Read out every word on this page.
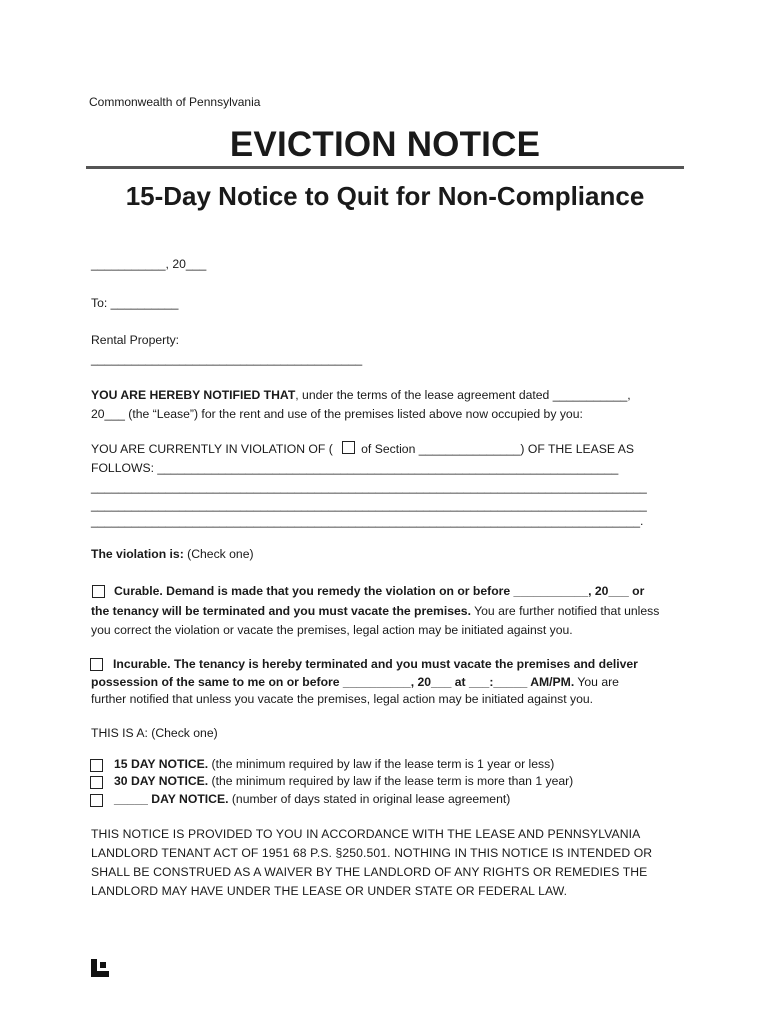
Commonwealth of Pennsylvania
EVICTION NOTICE
15-Day Notice to Quit for Non-Compliance
___________, 20___
To: __________
Rental Property:
________________________________________
YOU ARE HEREBY NOTIFIED THAT, under the terms of the lease agreement dated ___________,
20___ (the “Lease”) for the rent and use of the premises listed above now occupied by you:
YOU ARE CURRENTLY IN VIOLATION OF ( of Section _______________) OF THE LEASE AS
FOLLOWS: ____________________________________________________________________
__________________________________________________________________________________
__________________________________________________________________________________
_________________________________________________________________________________.
The violation is: (Check one)
Curable. Demand is made that you remedy the violation on or before ___________, 20___ or
the tenancy will be terminated and you must vacate the premises. You are further notified that unless
you correct the violation or vacate the premises, legal action may be initiated against you.
Incurable. The tenancy is hereby terminated and you must vacate the premises and deliver
possession of the same to me on or before __________, 20___ at ___:_____ AM/PM. You are
further notified that unless you vacate the premises, legal action may be initiated against you.
THIS IS A: (Check one)
15 DAY NOTICE. (the minimum required by law if the lease term is 1 year or less)
30 DAY NOTICE. (the minimum required by law if the lease term is more than 1 year)
_____ DAY NOTICE. (number of days stated in original lease agreement)
THIS NOTICE IS PROVIDED TO YOU IN ACCORDANCE WITH THE LEASE AND PENNSYLVANIA
LANDLORD TENANT ACT OF 1951 68 P.S. §250.501. NOTHING IN THIS NOTICE IS INTENDED OR
SHALL BE CONSTRUED AS A WAIVER BY THE LANDLORD OF ANY RIGHTS OR REMEDIES THE
LANDLORD MAY HAVE UNDER THE LEASE OR UNDER STATE OR FEDERAL LAW.
